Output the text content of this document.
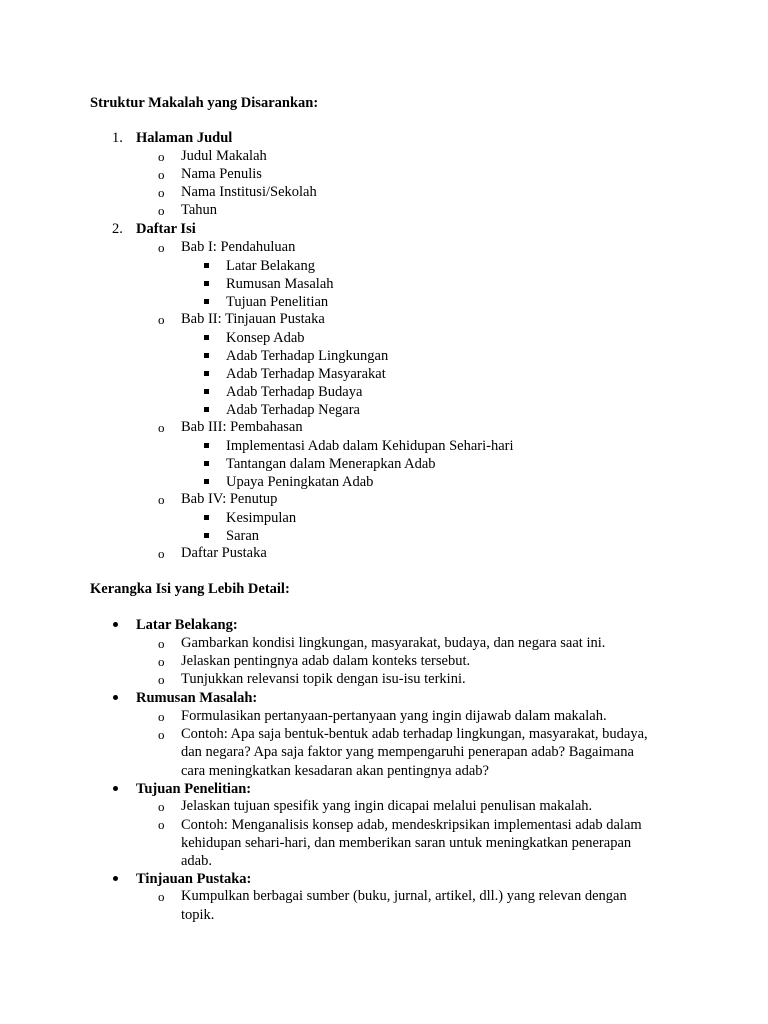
Struktur Makalah yang Disarankan:
1. Halaman Judul
o Judul Makalah
o Nama Penulis
o Nama Institusi/Sekolah
o Tahun
2. Daftar Isi
o Bab I: Pendahuluan
Latar Belakang
Rumusan Masalah
Tujuan Penelitian
o Bab II: Tinjauan Pustaka
Konsep Adab
Adab Terhadap Lingkungan
Adab Terhadap Masyarakat
Adab Terhadap Budaya
Adab Terhadap Negara
o Bab III: Pembahasan
Implementasi Adab dalam Kehidupan Sehari-hari
Tantangan dalam Menerapkan Adab
Upaya Peningkatan Adab
o Bab IV: Penutup
Kesimpulan
Saran
o Daftar Pustaka
Kerangka Isi yang Lebih Detail:
Latar Belakang:
o Gambarkan kondisi lingkungan, masyarakat, budaya, dan negara saat ini.
o Jelaskan pentingnya adab dalam konteks tersebut.
o Tunjukkan relevansi topik dengan isu-isu terkini.
Rumusan Masalah:
o Formulasikan pertanyaan-pertanyaan yang ingin dijawab dalam makalah.
o Contoh: Apa saja bentuk-bentuk adab terhadap lingkungan, masyarakat, budaya,
dan negara? Apa saja faktor yang mempengaruhi penerapan adab? Bagaimana
cara meningkatkan kesadaran akan pentingnya adab?
Tujuan Penelitian:
o Jelaskan tujuan spesifik yang ingin dicapai melalui penulisan makalah.
o Contoh: Menganalisis konsep adab, mendeskripsikan implementasi adab dalam
kehidupan sehari-hari, dan memberikan saran untuk meningkatkan penerapan
adab.
Tinjauan Pustaka:
o Kumpulkan berbagai sumber (buku, jurnal, artikel, dll.) yang relevan dengan
topik.
